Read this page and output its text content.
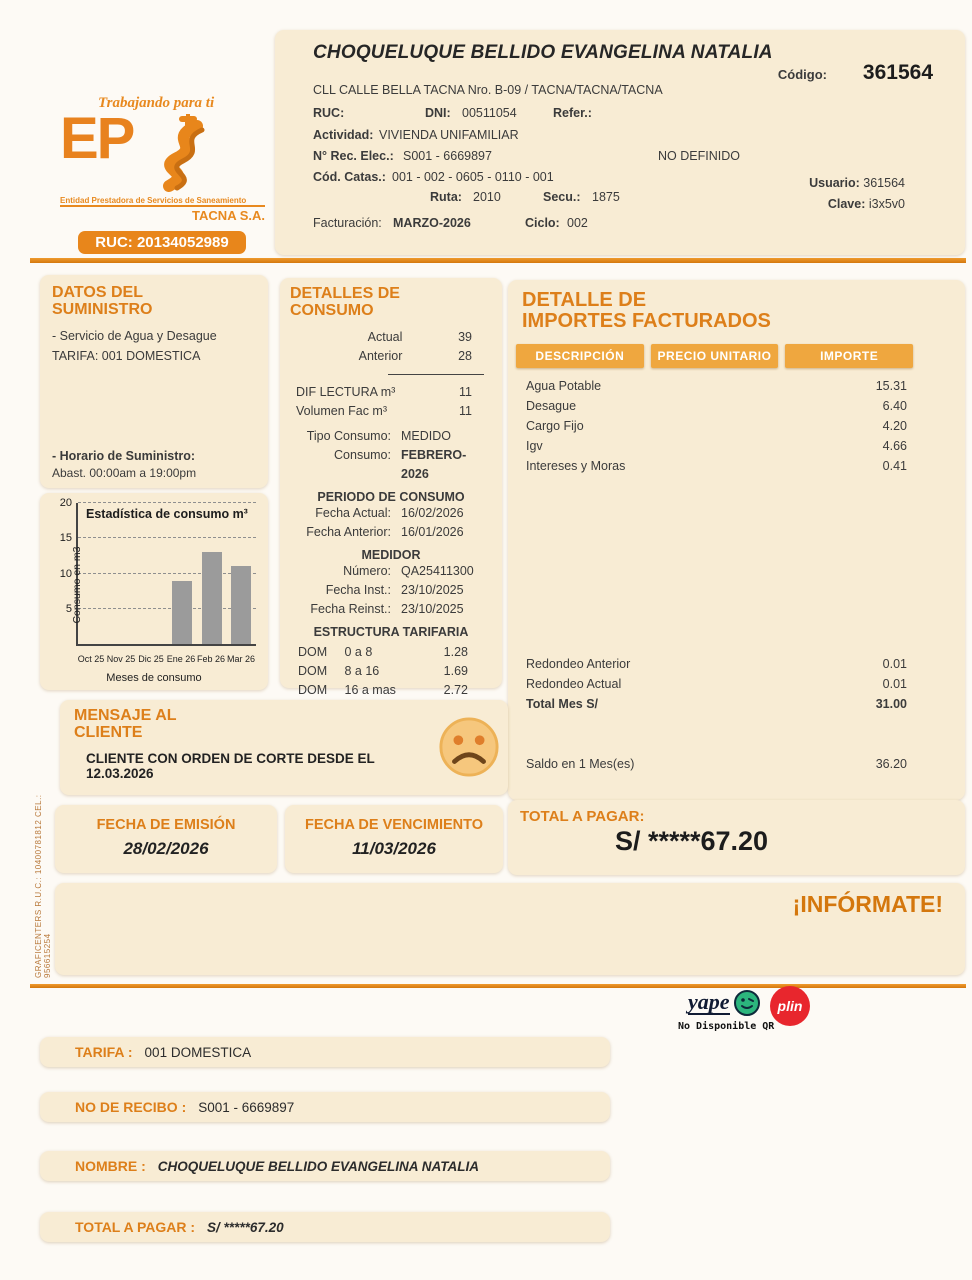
Trabajando para ti
EP
Entidad Prestadora de Servicios de Saneamiento
TACNA S.A.
RUC: 20134052989
CHOQUELUQUE BELLIDO EVANGELINA NATALIA
Código: 361564
CLL CALLE BELLA TACNA Nro. B-09 / TACNA/TACNA/TACNA
RUC:	DNI: 00511054	Refer.:
Actividad: VIVIENDA UNIFAMILIAR
N° Rec. Elec.: S001 - 6669897	NO DEFINIDO
Cód. Catas.: 001 - 002 - 0605 - 0110 - 001
Ruta: 2010	Secu.: 1875
Usuario: 361564
Clave: i3x5v0
Facturación: MARZO-2026	Ciclo: 002
DATOS DEL
SUMINISTRO
- Servicio de Agua y Desague
TARIFA: 001 DOMESTICA
- Horario de Suministro:
Abast. 00:00am a 19:00pm
5
10
15
20
Estadística de consumo m³
Consumo en m3
Oct 25 Nov 25 Dic 25 Ene 26 Feb 26 Mar 26
Meses de consumo
DETALLES DE
CONSUMO
Actual	39
Anterior	28
DIF LECTURA m³	11
Volumen Fac m³	11
Tipo Consumo: MEDIDO
Consumo: FEBRERO-2026
PERIODO DE CONSUMO
Fecha Actual: 16/02/2026
Fecha Anterior: 16/01/2026
MEDIDOR
Número: QA25411300
Fecha Inst.: 23/10/2025
Fecha Reinst.: 23/10/2025
ESTRUCTURA TARIFARIA
DOM	0 a 8	1.28
DOM	8 a 16	1.69
DOM	16 a mas	2.72
DETALLE DE
IMPORTES FACTURADOS
DESCRIPCIÓN	PRECIO UNITARIO	IMPORTE
Agua Potable	15.31
Desague	6.40
Cargo Fijo	4.20
Igv	4.66
Intereses y Moras	0.41
Redondeo Anterior	0.01
Redondeo Actual	0.01
Total Mes S/	31.00
Saldo en 1 Mes(es)	36.20
MENSAJE AL
CLIENTE
CLIENTE CON ORDEN DE CORTE DESDE EL 12.03.2026
FECHA DE EMISIÓN
28/02/2026
FECHA DE VENCIMIENTO
11/03/2026
TOTAL A PAGAR:
S/ *****67.20
¡INFÓRMATE!
GRAFICENTERS R.U.C.: 10400781812 CEL.: 956615254
yape	plin
No Disponible QR
TARIFA : 001 DOMESTICA
NO DE RECIBO : S001 - 6669897
NOMBRE : CHOQUELUQUE BELLIDO EVANGELINA NATALIA
TOTAL A PAGAR : S/ *****67.20
